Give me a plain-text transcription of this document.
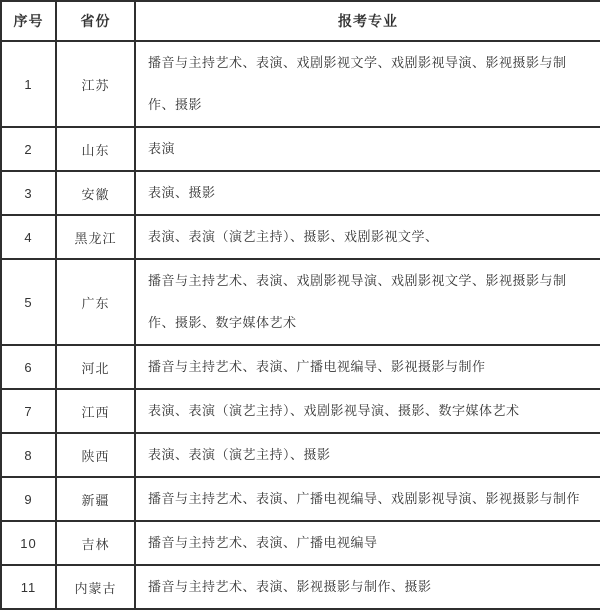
序号	省份	报考专业
1	江苏	播音与主持艺术、表演、戏剧影视文学、戏剧影视导演、影视摄影与制作、摄影
2	山东	表演
3	安徽	表演、摄影
4	黑龙江	表演、表演（演艺主持）、摄影、戏剧影视文学、
5	广东	播音与主持艺术、表演、戏剧影视导演、戏剧影视文学、影视摄影与制作、摄影、数字媒体艺术
6	河北	播音与主持艺术、表演、广播电视编导、影视摄影与制作
7	江西	表演、表演（演艺主持）、戏剧影视导演、摄影、数字媒体艺术
8	陕西	表演、表演（演艺主持）、摄影
9	新疆	播音与主持艺术、表演、广播电视编导、戏剧影视导演、影视摄影与制作
10	吉林	播音与主持艺术、表演、广播电视编导
11	内蒙古	播音与主持艺术、表演、影视摄影与制作、摄影
